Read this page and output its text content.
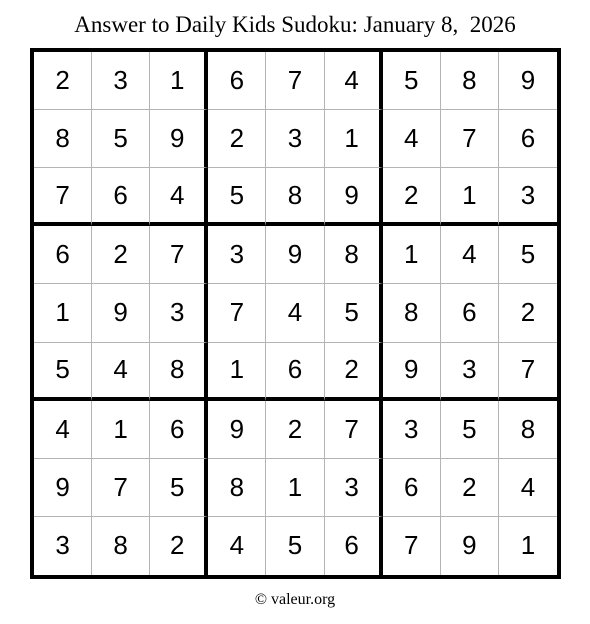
Answer to Daily Kids Sudoku: January 8,  2026
2	3	1	6	7	4	5	8	9
8	5	9	2	3	1	4	7	6
7	6	4	5	8	9	2	1	3
6	2	7	3	9	8	1	4	5
1	9	3	7	4	5	8	6	2
5	4	8	1	6	2	9	3	7
4	1	6	9	2	7	3	5	8
9	7	5	8	1	3	6	2	4
3	8	2	4	5	6	7	9	1
© valeur.org
